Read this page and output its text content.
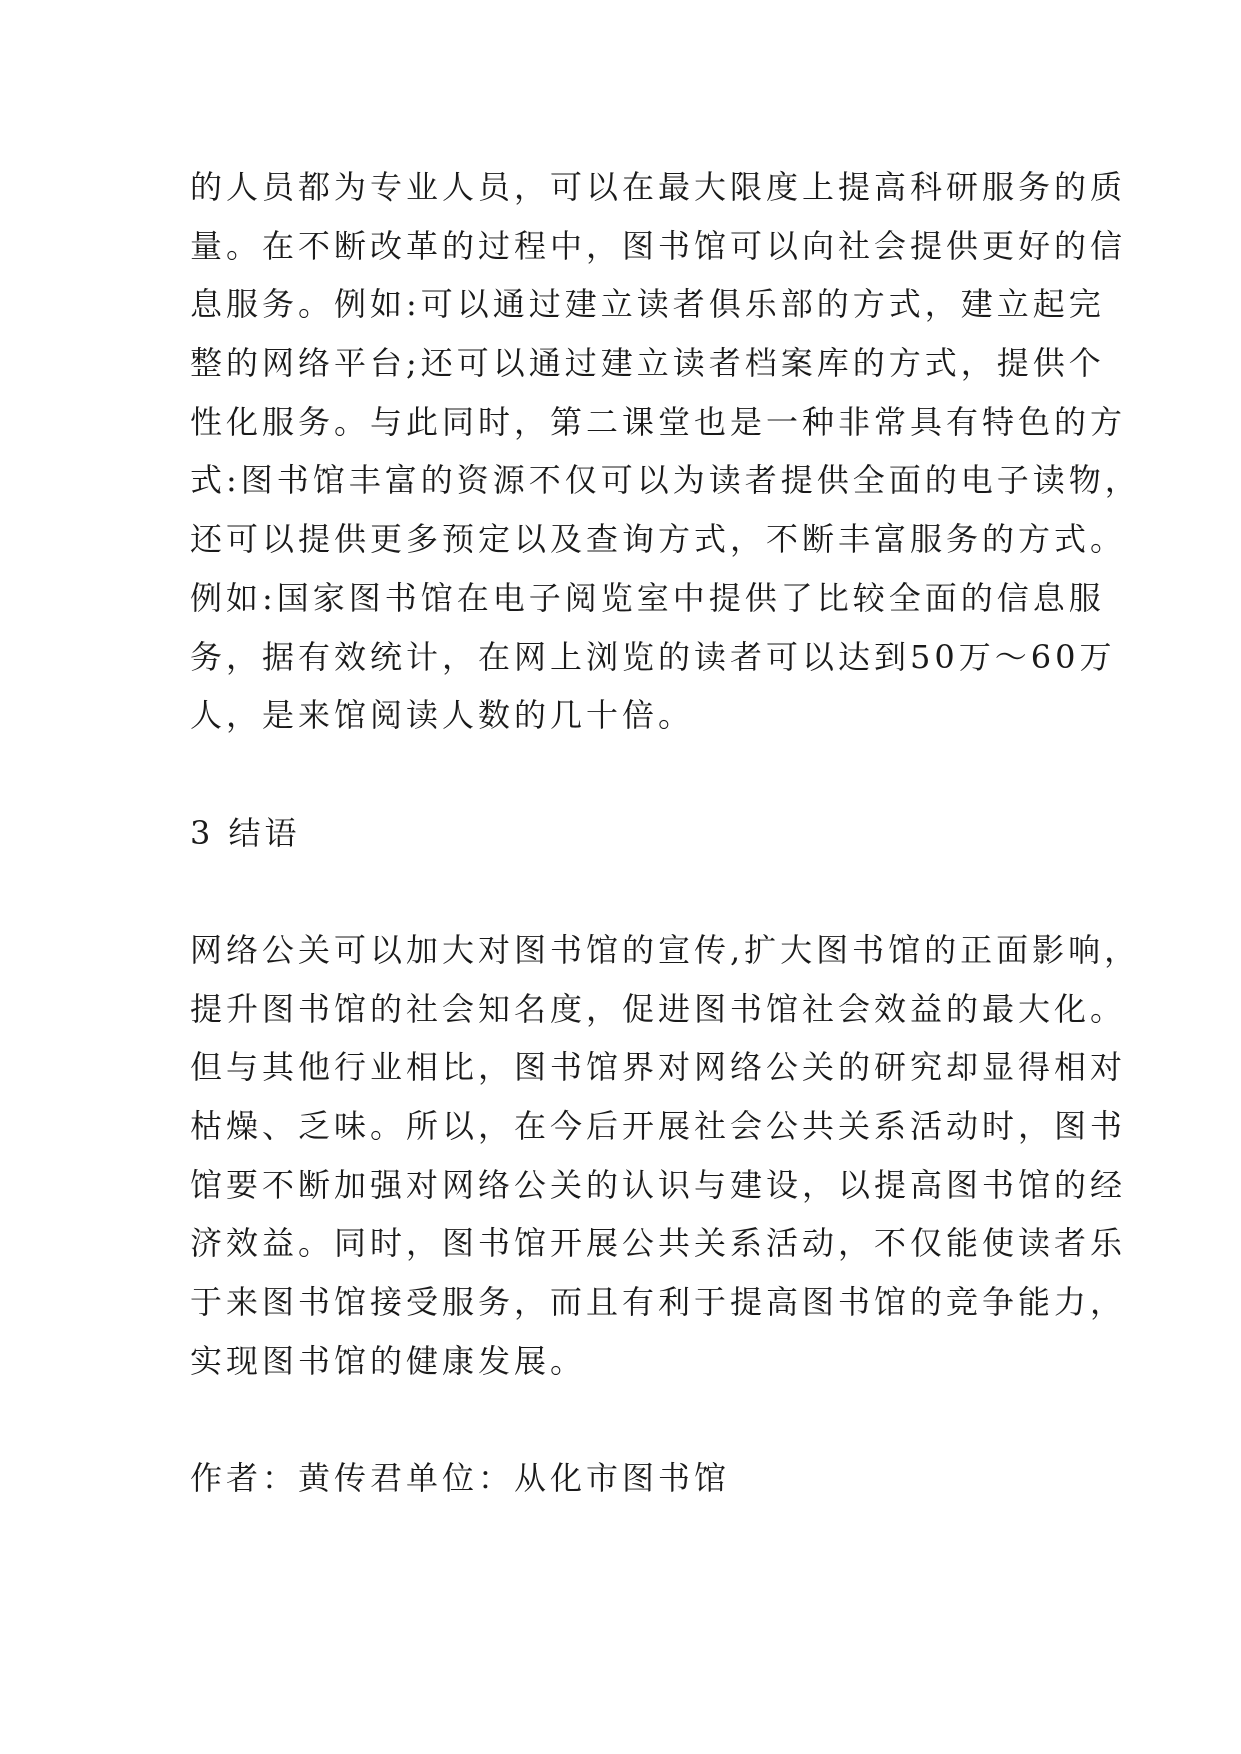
的人员都为专业人员，可以在最大限度上提高科研服务的质
量。在不断改革的过程中，图书馆可以向社会提供更好的信
息服务。例如:可以通过建立读者俱乐部的方式，建立起完
整的网络平台;还可以通过建立读者档案库的方式，提供个
性化服务。与此同时，第二课堂也是一种非常具有特色的方
式:图书馆丰富的资源不仅可以为读者提供全面的电子读物，
还可以提供更多预定以及查询方式，不断丰富服务的方式。
例如:国家图书馆在电子阅览室中提供了比较全面的信息服
务，据有效统计，在网上浏览的读者可以达到50万～60万
人，是来馆阅读人数的几十倍。
3 结语
网络公关可以加大对图书馆的宣传,扩大图书馆的正面影响，
提升图书馆的社会知名度，促进图书馆社会效益的最大化。
但与其他行业相比，图书馆界对网络公关的研究却显得相对
枯燥、乏味。所以，在今后开展社会公共关系活动时，图书
馆要不断加强对网络公关的认识与建设，以提高图书馆的经
济效益。同时，图书馆开展公共关系活动，不仅能使读者乐
于来图书馆接受服务，而且有利于提高图书馆的竞争能力，
实现图书馆的健康发展。
作者：黄传君单位：从化市图书馆
